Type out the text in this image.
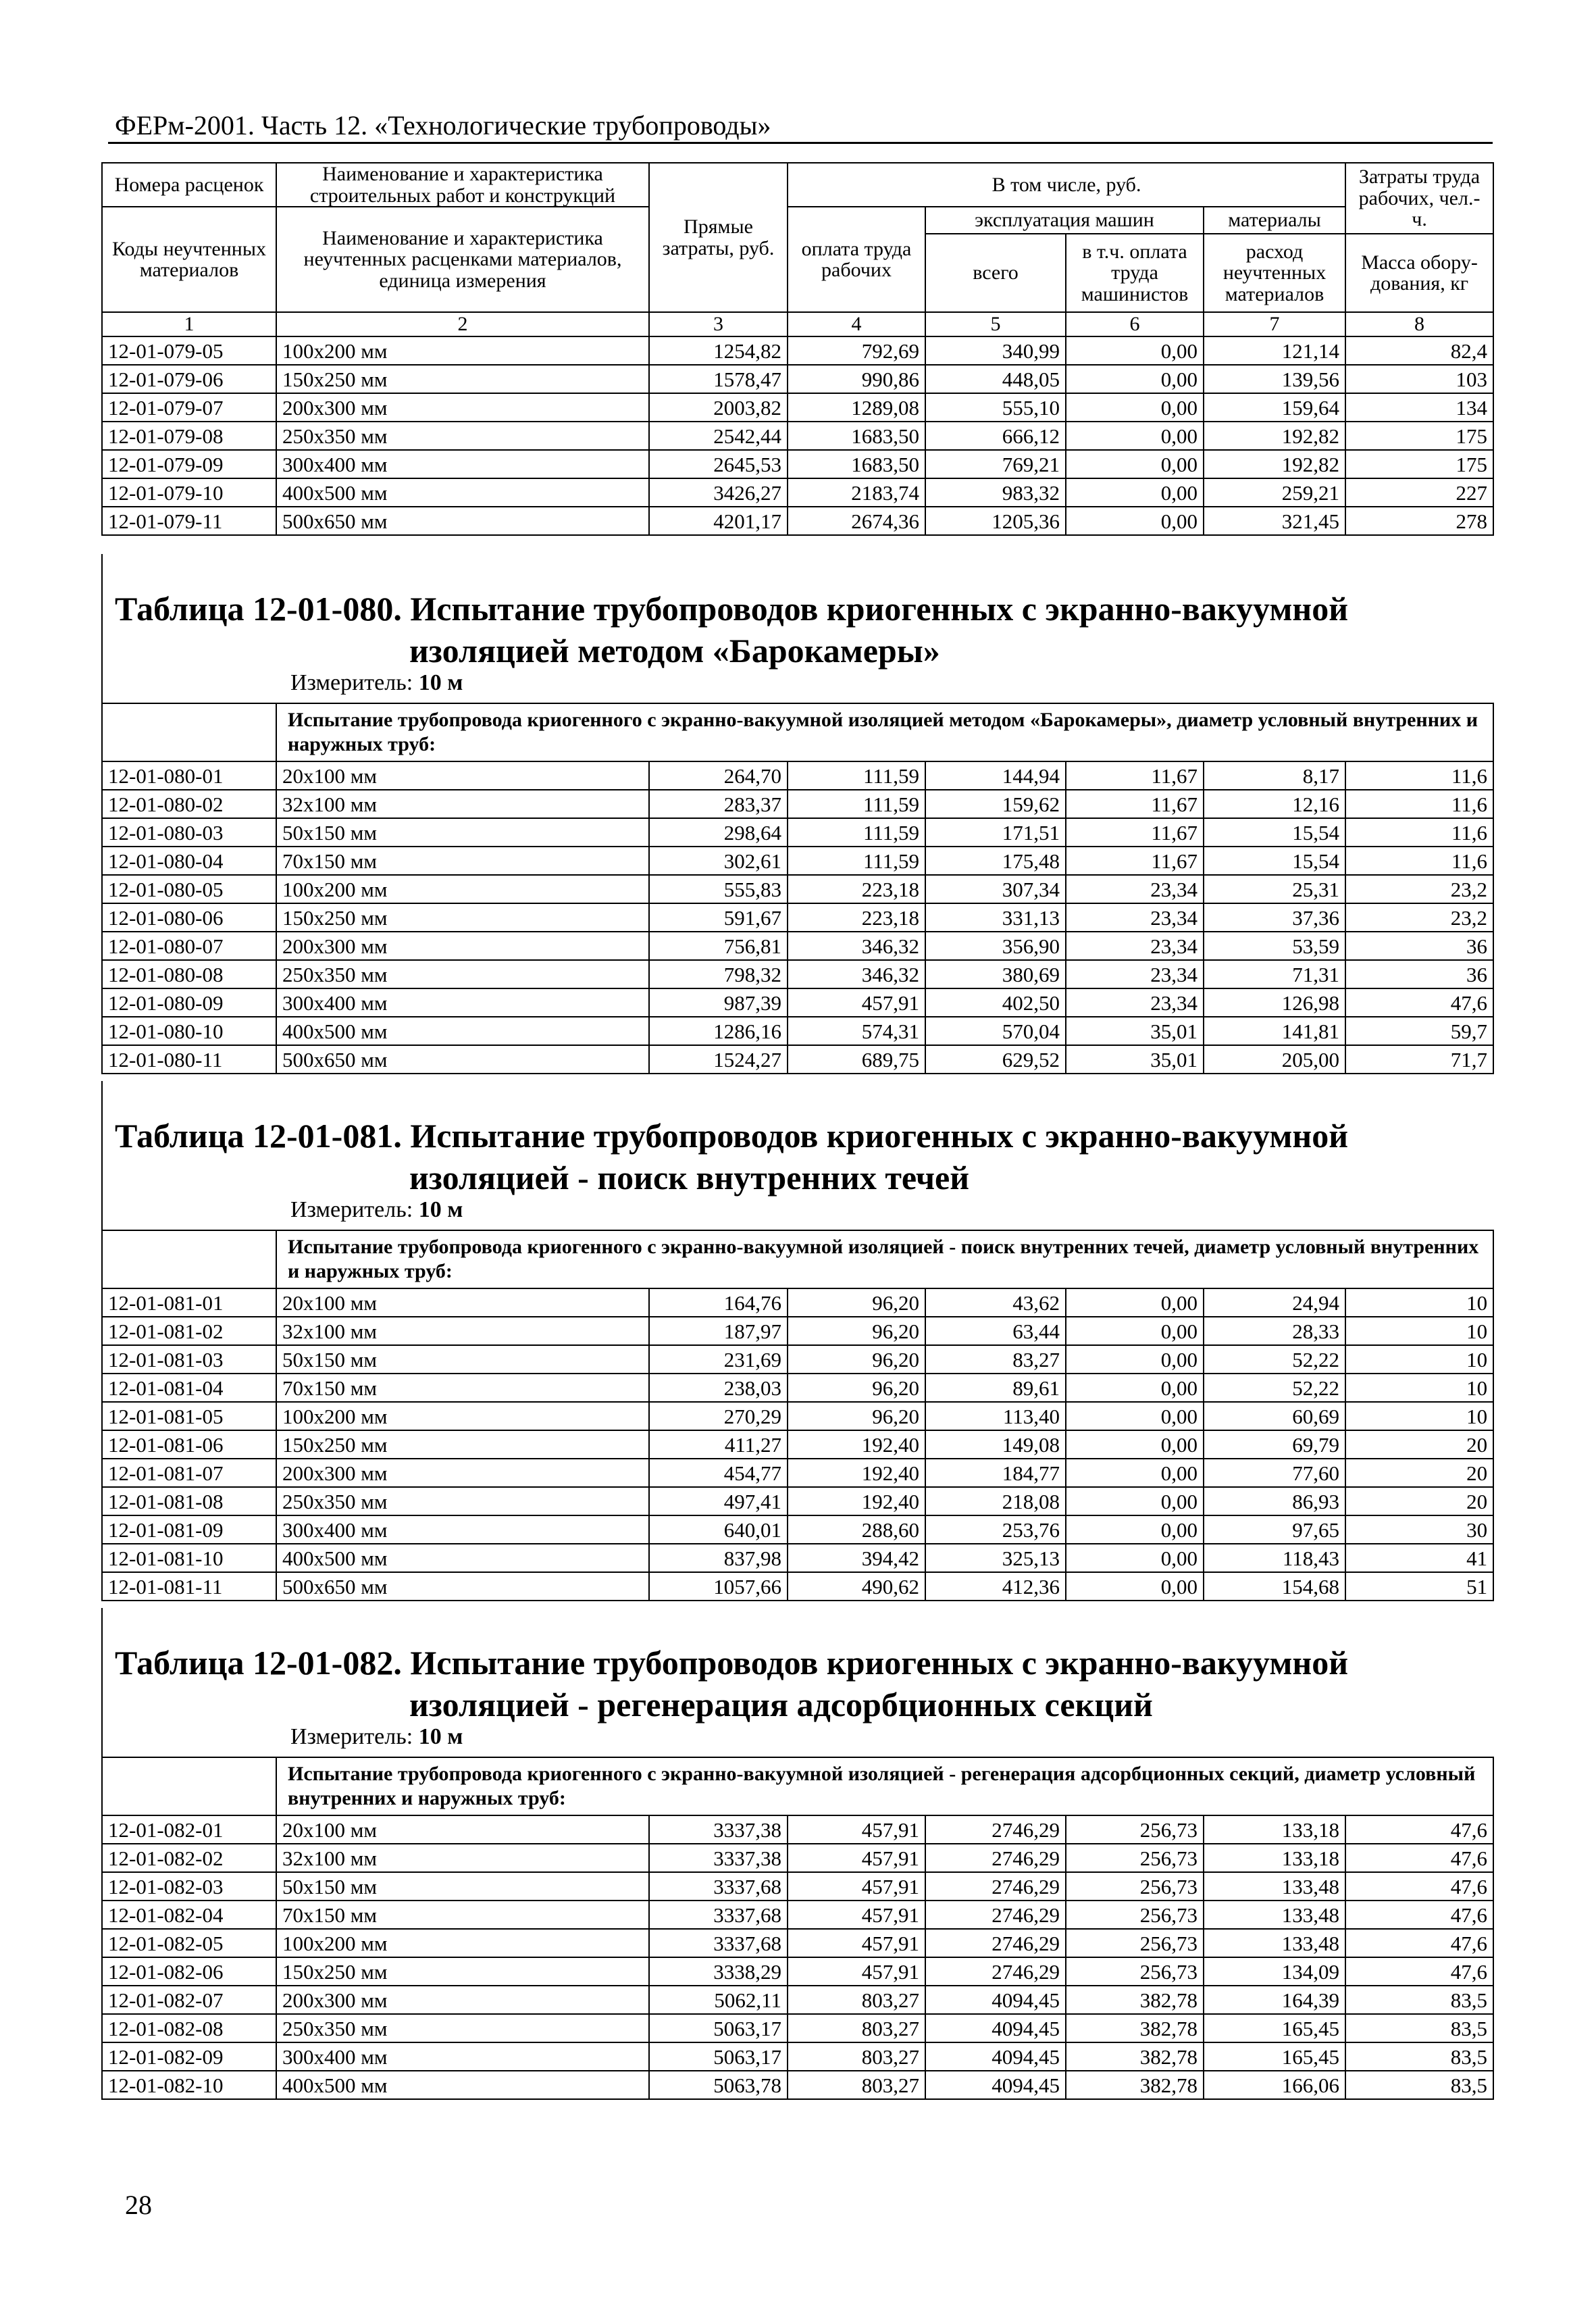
ФЕРм-2001. Часть 12. «Технологические трубопроводы»
Номера расценок	Наименование и характеристика строительных работ и конструкций	Прямые затраты, руб.	В том числе, руб.				Затраты труда рабочих, чел.-ч.
Коды неучтенных материалов	Наименование и характеристика неучтенных расценками материалов, единица измерения		оплата труда рабочих	эксплуатация машин		материалы	
				всего	в т.ч. оплата труда машинистов	расход неучтенных материалов	Масса обору-дования, кг
1	2	3	4	5	6	7	8
12-01-079-05	100x200 мм	1254,82	792,69	340,99	0,00	121,14	82,4
12-01-079-06	150x250 мм	1578,47	990,86	448,05	0,00	139,56	103
12-01-079-07	200x300 мм	2003,82	1289,08	555,10	0,00	159,64	134
12-01-079-08	250x350 мм	2542,44	1683,50	666,12	0,00	192,82	175
12-01-079-09	300x400 мм	2645,53	1683,50	769,21	0,00	192,82	175
12-01-079-10	400x500 мм	3426,27	2183,74	983,32	0,00	259,21	227
12-01-079-11	500x650 мм	4201,17	2674,36	1205,36	0,00	321,45	278
Таблица 12-01-080. Испытание трубопроводов криогенных с экранно-вакуумной
изоляцией методом «Барокамеры»
Измеритель: 10 м
	Испытание трубопровода криогенного с экранно-вакуумной изоляцией методом «Барокамеры», диаметр условный внутренних и наружных труб:						
12-01-080-01	20x100 мм	264,70	111,59	144,94	11,67	8,17	11,6
12-01-080-02	32x100 мм	283,37	111,59	159,62	11,67	12,16	11,6
12-01-080-03	50x150 мм	298,64	111,59	171,51	11,67	15,54	11,6
12-01-080-04	70x150 мм	302,61	111,59	175,48	11,67	15,54	11,6
12-01-080-05	100x200 мм	555,83	223,18	307,34	23,34	25,31	23,2
12-01-080-06	150x250 мм	591,67	223,18	331,13	23,34	37,36	23,2
12-01-080-07	200x300 мм	756,81	346,32	356,90	23,34	53,59	36
12-01-080-08	250x350 мм	798,32	346,32	380,69	23,34	71,31	36
12-01-080-09	300x400 мм	987,39	457,91	402,50	23,34	126,98	47,6
12-01-080-10	400x500 мм	1286,16	574,31	570,04	35,01	141,81	59,7
12-01-080-11	500x650 мм	1524,27	689,75	629,52	35,01	205,00	71,7
Таблица 12-01-081. Испытание трубопроводов криогенных с экранно-вакуумной
изоляцией - поиск внутренних течей
Измеритель: 10 м
	Испытание трубопровода криогенного с экранно-вакуумной изоляцией - поиск внутренних течей, диаметр условный внутренних и наружных труб:						
12-01-081-01	20x100 мм	164,76	96,20	43,62	0,00	24,94	10
12-01-081-02	32x100 мм	187,97	96,20	63,44	0,00	28,33	10
12-01-081-03	50x150 мм	231,69	96,20	83,27	0,00	52,22	10
12-01-081-04	70x150 мм	238,03	96,20	89,61	0,00	52,22	10
12-01-081-05	100x200 мм	270,29	96,20	113,40	0,00	60,69	10
12-01-081-06	150x250 мм	411,27	192,40	149,08	0,00	69,79	20
12-01-081-07	200x300 мм	454,77	192,40	184,77	0,00	77,60	20
12-01-081-08	250x350 мм	497,41	192,40	218,08	0,00	86,93	20
12-01-081-09	300x400 мм	640,01	288,60	253,76	0,00	97,65	30
12-01-081-10	400x500 мм	837,98	394,42	325,13	0,00	118,43	41
12-01-081-11	500x650 мм	1057,66	490,62	412,36	0,00	154,68	51
Таблица 12-01-082. Испытание трубопроводов криогенных с экранно-вакуумной
изоляцией - регенерация адсорбционных секций
Измеритель: 10 м
	Испытание трубопровода криогенного с экранно-вакуумной изоляцией - регенерация адсорбционных секций, диаметр условный внутренних и наружных труб:						
12-01-082-01	20x100 мм	3337,38	457,91	2746,29	256,73	133,18	47,6
12-01-082-02	32x100 мм	3337,38	457,91	2746,29	256,73	133,18	47,6
12-01-082-03	50x150 мм	3337,68	457,91	2746,29	256,73	133,48	47,6
12-01-082-04	70x150 мм	3337,68	457,91	2746,29	256,73	133,48	47,6
12-01-082-05	100x200 мм	3337,68	457,91	2746,29	256,73	133,48	47,6
12-01-082-06	150x250 мм	3338,29	457,91	2746,29	256,73	134,09	47,6
12-01-082-07	200x300 мм	5062,11	803,27	4094,45	382,78	164,39	83,5
12-01-082-08	250x350 мм	5063,17	803,27	4094,45	382,78	165,45	83,5
12-01-082-09	300x400 мм	5063,17	803,27	4094,45	382,78	165,45	83,5
12-01-082-10	400x500 мм	5063,78	803,27	4094,45	382,78	166,06	83,5
28
